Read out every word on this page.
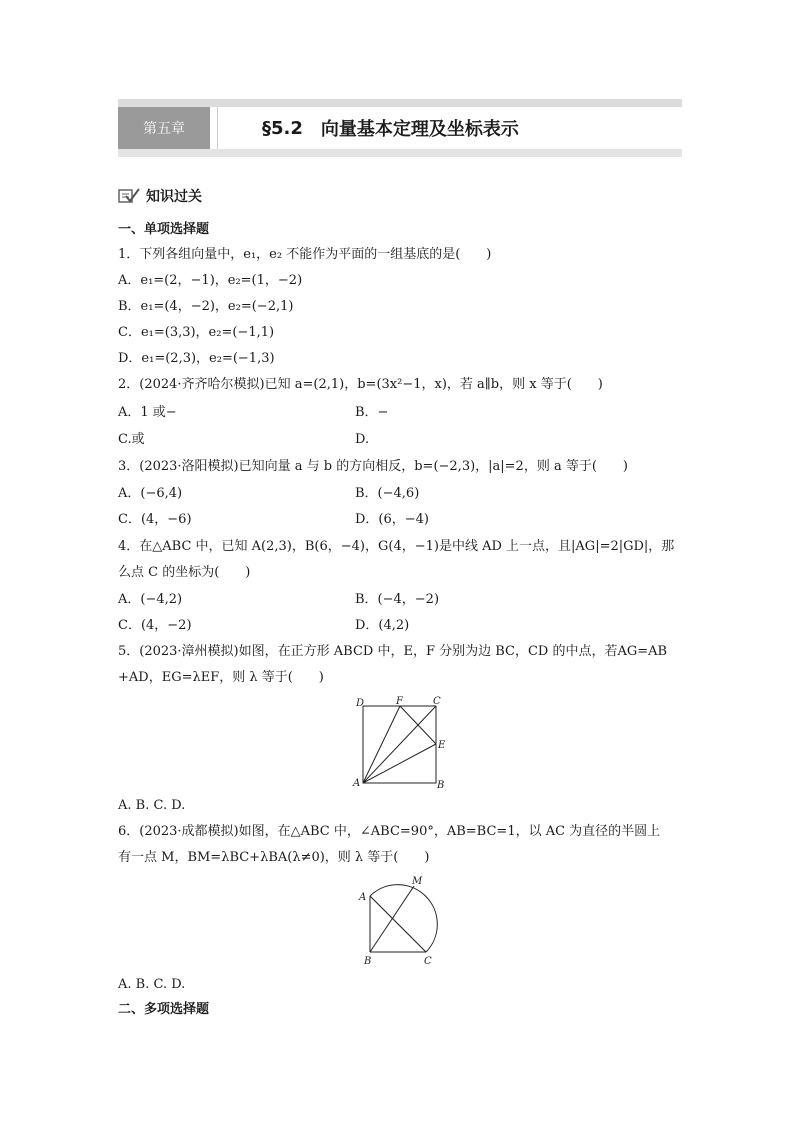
第五章	§5.2 向量基本定理及坐标表示
知识过关
一、单项选择题
1．下列各组向量中，e₁，e₂ 不能作为平面的一组基底的是(　　)
A．e₁=(2，−1)，e₂=(1，−2)
B．e₁=(4，−2)，e₂=(−2,1)
C．e₁=(3,3)，e₂=(−1,1)
D．e₁=(2,3)，e₂=(−1,3)
2．(2024·齐齐哈尔模拟)已知 a=(2,1)，b=(3x²−1，x)，若 a∥b，则 x 等于(　　)
A．1 或−	B．−
C.或	D.
3．(2023·洛阳模拟)已知向量 a 与 b 的方向相反，b=(−2,3)，|a|=2，则 a 等于(　　)
A．(−6,4)	B．(−4,6)
C．(4，−6)	D．(6，−4)
4．在△ABC 中，已知 A(2,3)，B(6，−4)，G(4，−1)是中线 AD 上一点，且|AG|=2|GD|，那
么点 C 的坐标为(　　)
A．(−4,2)	B．(−4，−2)
C．(4，−2)	D．(4,2)
5．(2023·漳州模拟)如图，在正方形 ABCD 中，E，F 分别为边 BC，CD 的中点，若AG=AB
+AD，EG=λEF，则 λ 等于(　　)
D	F	C
E
A	B
A. B. C. D.
6．(2023·成都模拟)如图，在△ABC 中，∠ABC=90°，AB=BC=1，以 AC 为直径的半圆上
有一点 M，BM=λBC+λBA(λ≠0)，则 λ 等于(　　)
A
M
B	C
A. B. C. D.
二、多项选择题
